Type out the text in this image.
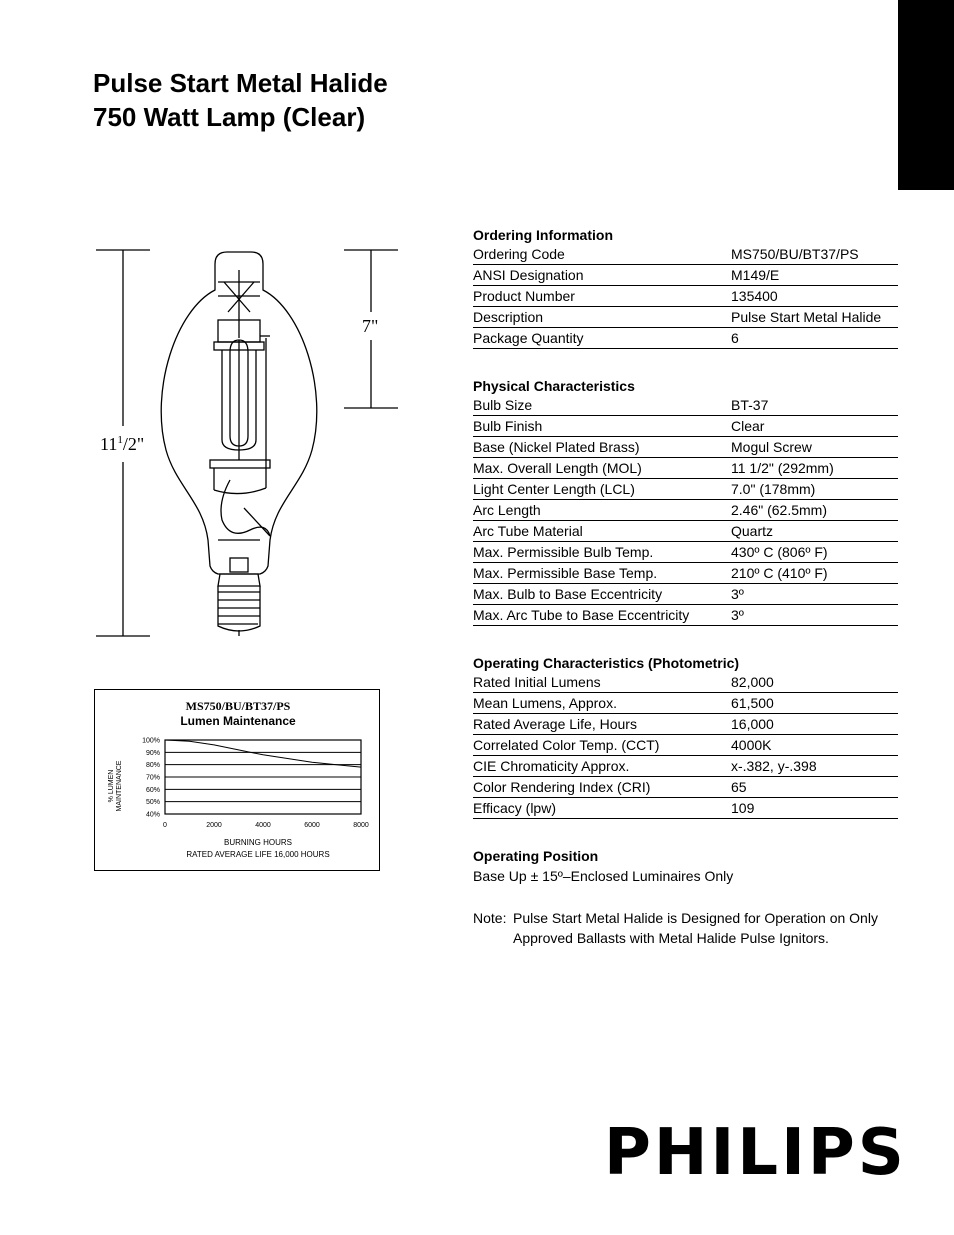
Pulse Start Metal Halide
750 Watt Lamp (Clear)
$11^1/2$"
7"
MS750/BU/BT37/PS
Lumen Maintenance
100%
90%
80%
70%
60%
50%
40%
0	2000	4000	6000	8000
% LUMEN MAINTENANCE
BURNING HOURS
RATED AVERAGE LIFE 16,000 HOURS
Ordering Information
Ordering Code	MS750/BU/BT37/PS
ANSI Designation	M149/E
Product Number	135400
Description	Pulse Start Metal Halide
Package Quantity	6
Physical Characteristics
Bulb Size	BT-37
Bulb Finish	Clear
Base (Nickel Plated Brass)	Mogul Screw
Max. Overall Length (MOL)	11 1/2" (292mm)
Light Center Length (LCL)	7.0" (178mm)
Arc Length	2.46" (62.5mm)
Arc Tube Material	Quartz
Max. Permissible Bulb Temp.	430º C (806º F)
Max. Permissible Base Temp.	210º C (410º F)
Max. Bulb to Base Eccentricity	3º
Max. Arc Tube to Base Eccentricity	3º
Operating Characteristics (Photometric)
Rated Initial Lumens	82,000
Mean Lumens, Approx.	61,500
Rated Average Life, Hours	16,000
Correlated Color Temp. (CCT)	4000K
CIE Chromaticity Approx.	x-.382, y-.398
Color Rendering Index (CRI)	65
Efficacy (lpw)	109
Operating Position
Base Up ± 15º–Enclosed Luminaires Only
Note: Pulse Start Metal Halide is Designed for Operation on Only Approved Ballasts with Metal Halide Pulse Ignitors.
PHILIPS
